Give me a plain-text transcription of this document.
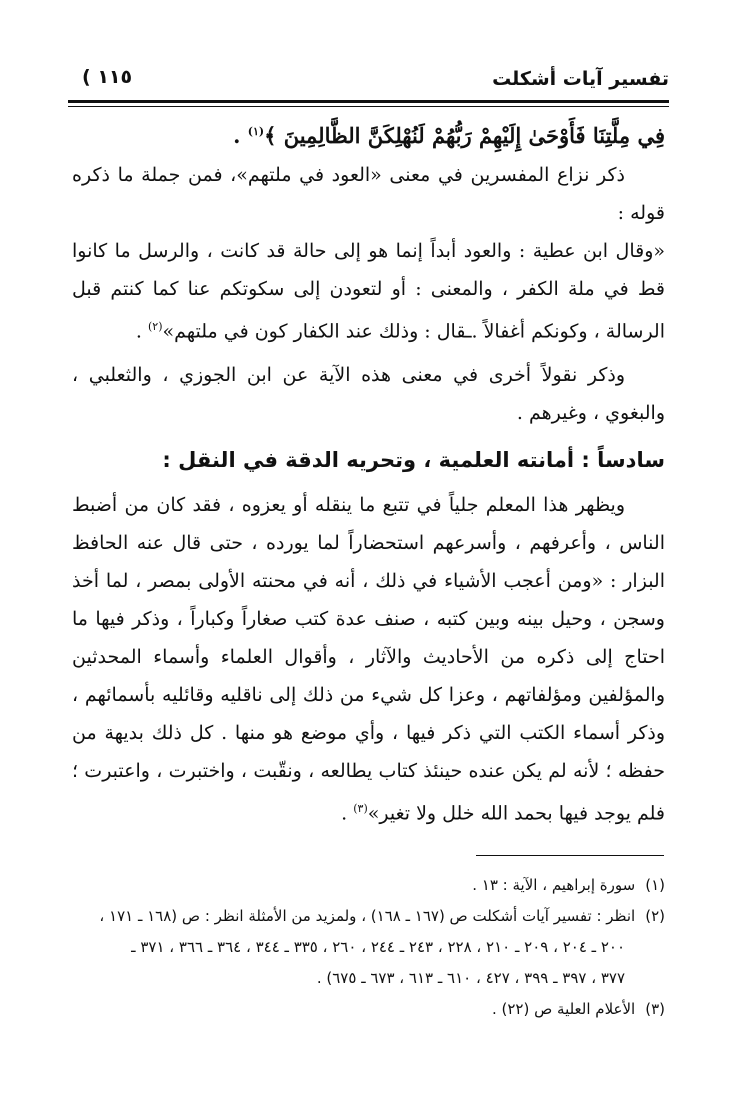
تفسير آيات أشكلت
( ١١٥

فِي مِلَّتِنَا فَأَوْحَىٰ إِلَيْهِمْ رَبُّهُمْ لَنُهْلِكَنَّ الظَّالِمِينَ ﴾$^{(١)}$ .

ذكر نزاع المفسرين في معنى «العود في ملتهم»، فمن جملة ما ذكره قوله :

«وقال ابن عطية : والعود أبداً إنما هو إلى حالة قد كانت ، والرسل ما كانوا قط في ملة الكفر ، والمعنى : أو لتعودن إلى سكوتكم عنا كما كنتم قبل الرسالة ، وكونكم أغفالاً .ـقال : وذلك عند الكفار كون في ملتهم»$^{(٢)}$ .

وذكر نقولاً أخرى في معنى هذه الآية عن ابن الجوزي ، والثعلبي ، والبغوي ، وغيرهم .

سادساً : أمانته العلمية ، وتحريه الدقة في النقل :

ويظهر هذا المعلم جلياً في تتبع ما ينقله أو يعزوه ، فقد كان من أضبط الناس ، وأعرفهم ، وأسرعهم استحضاراً لما يورده ، حتى قال عنه الحافظ البزار : «ومن أعجب الأشياء في ذلك ، أنه في محنته الأولى بمصر ، لما أخذ وسجن ، وحيل بينه وبين كتبه ، صنف عدة كتب صغاراً وكباراً ، وذكر فيها ما احتاج إلى ذكره من الأحاديث والآثار ، وأقوال العلماء وأسماء المحدثين والمؤلفين ومؤلفاتهم ، وعزا كل شيء من ذلك إلى ناقليه وقائليه بأسمائهم ، وذكر أسماء الكتب التي ذكر فيها ، وأي موضع هو منها . كل ذلك بديهة من حفظه ؛ لأنه لم يكن عنده حينئذ كتاب يطالعه ، ونقّبت ، واختبرت ، واعتبرت ؛ فلم يوجد فيها بحمد الله خلل ولا تغير»$^{(٣)}$ .

(١)سورة إبراهيم ، الآية : ١٣ .

(٢)انظر : تفسير آيات أشكلت ص (١٦٧ ـ ١٦٨) ، ولمزيد من الأمثلة انظر : ص (١٦٨ ـ ١٧١ ،

٢٠٠ ـ ٢٠٤ ، ٢٠٩ ـ ٢١٠ ، ٢٢٨ ، ٢٤٣ ـ ٢٤٤ ، ٢٦٠ ، ٣٣٥ ـ ٣٤٤ ، ٣٦٤ ـ ٣٦٦ ، ٣٧١ ـ

٣٧٧ ، ٣٩٧ ـ ٣٩٩ ، ٤٢٧ ، ٦١٠ ـ ٦١٣ ، ٦٧٣ ـ ٦٧٥) .

(٣)الأعلام العلية ص (٢٢) .
